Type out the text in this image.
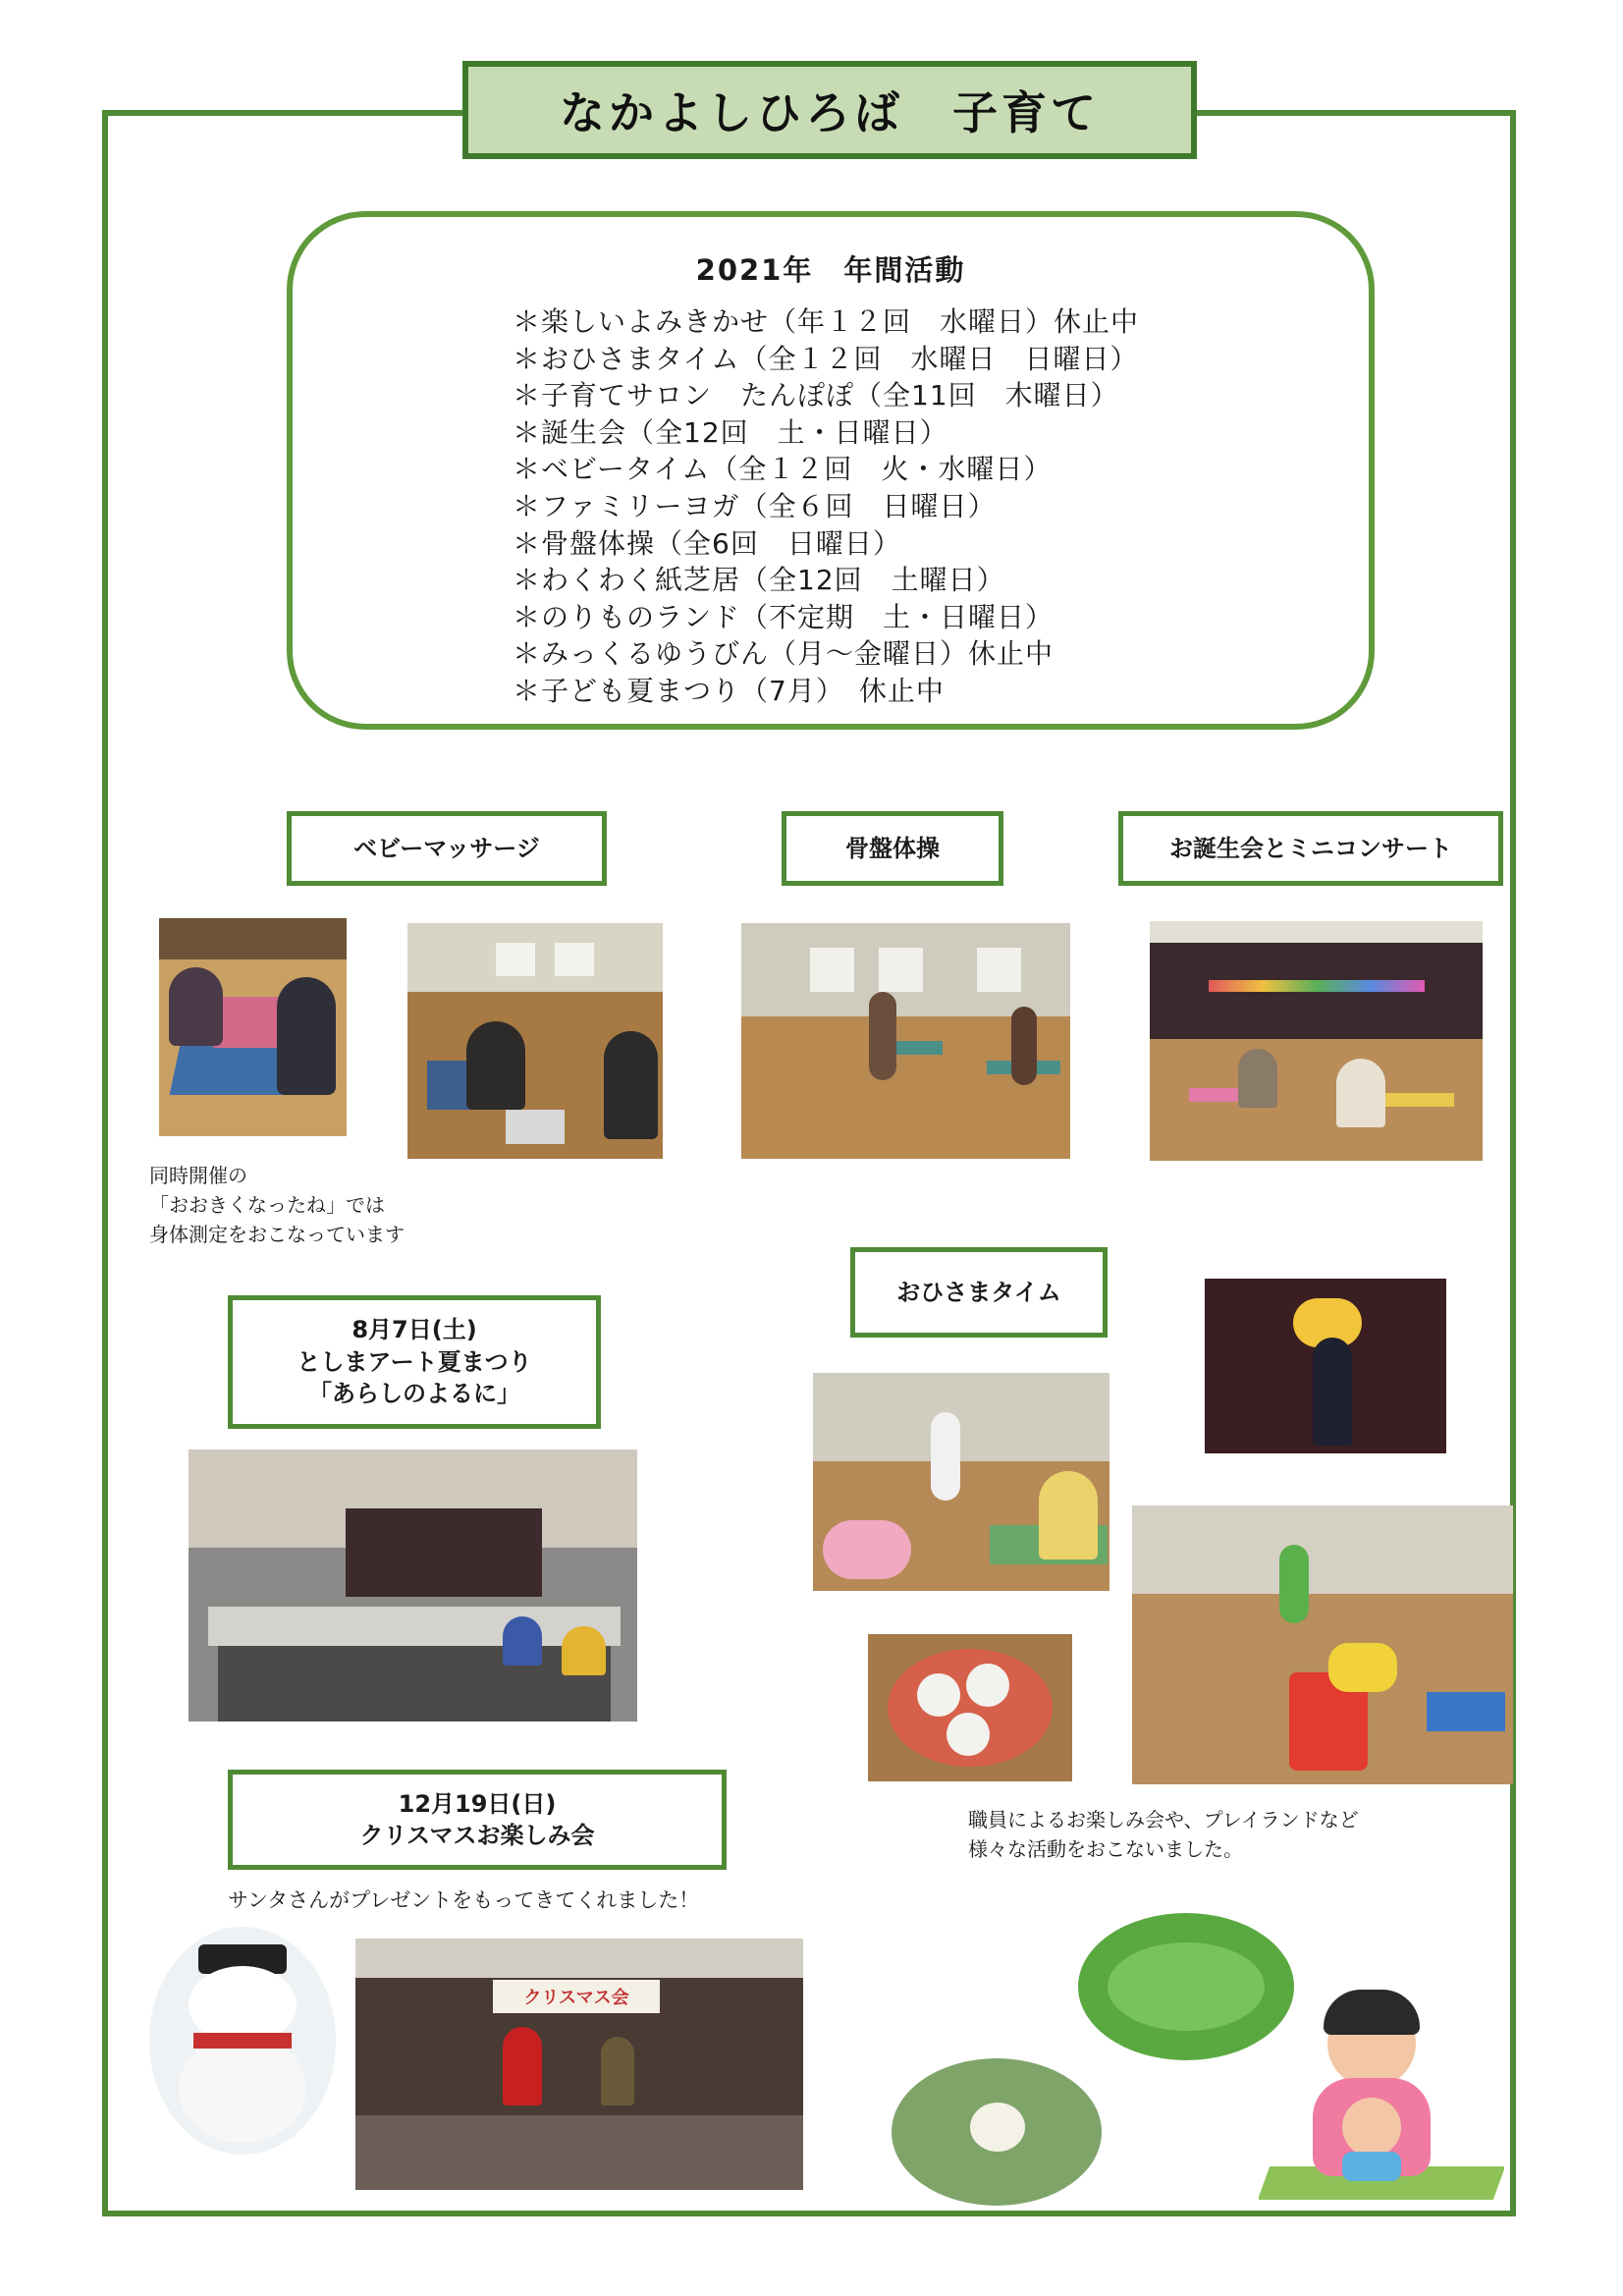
なかよしひろば　子育て
2021年　年間活動
＊楽しいよみきかせ（年１２回　水曜日）休止中
＊おひさまタイム（全１２回　水曜日　日曜日）
＊子育てサロン　たんぽぽ（全11回　木曜日）
＊誕生会（全12回　土・日曜日）
＊ベビータイム（全１２回　火・水曜日）
＊ファミリーヨガ（全６回　日曜日）
＊骨盤体操（全6回　日曜日）
＊わくわく紙芝居（全12回　土曜日）
＊のりものランド（不定期　土・日曜日）
＊みっくるゆうびん（月～金曜日）休止中
＊子ども夏まつり（7月）　休止中
ベビーマッサージ	骨盤体操	お誕生会とミニコンサート
8月7日(土)
としまアート夏まつり
「あらしのよるに」
おひさまタイム
12月19日(日)
クリスマスお楽しみ会
同時開催の
「おおきくなったね」では
身体測定をおこなっています
職員によるお楽しみ会や、プレイランドなど
様々な活動をおこないました。
サンタさんがプレゼントをもってきてくれました！
クリスマス会
